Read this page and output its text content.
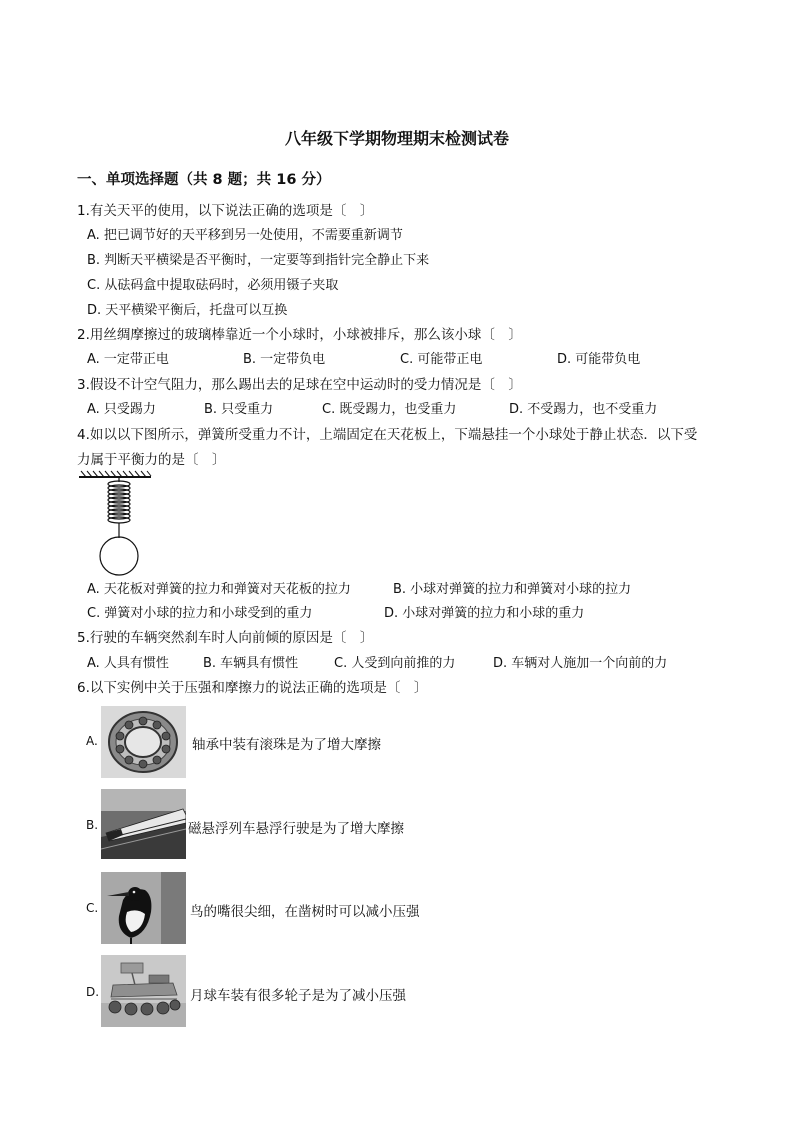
八年级下学期物理期末检测试卷
一、单项选择题（共 8 题；共 16 分）
1.有关天平的使用，以下说法正确的选项是〔　〕
A. 把已调节好的天平移到另一处使用，不需要重新调节
B. 判断天平横梁是否平衡时，一定要等到指针完全静止下来
C. 从砝码盒中提取砝码时，必须用镊子夹取
D. 天平横梁平衡后，托盘可以互换
2.用丝绸摩擦过的玻璃棒靠近一个小球时，小球被排斥，那么该小球〔　〕
A. 一定带正电	B. 一定带负电	C. 可能带正电	D. 可能带负电
3.假设不计空气阻力，那么踢出去的足球在空中运动时的受力情况是〔　〕
A. 只受踢力	B. 只受重力	C. 既受踢力，也受重力	D. 不受踢力，也不受重力
4.如以以下图所示，弹簧所受重力不计，上端固定在天花板上，下端悬挂一个小球处于静止状态．以下受
力属于平衡力的是〔　〕
A. 天花板对弹簧的拉力和弹簧对天花板的拉力	B. 小球对弹簧的拉力和弹簧对小球的拉力
C. 弹簧对小球的拉力和小球受到的重力	D. 小球对弹簧的拉力和小球的重力
5.行驶的车辆突然刹车时人向前倾的原因是〔　〕
A. 人具有惯性	B. 车辆具有惯性	C. 人受到向前推的力	D. 车辆对人施加一个向前的力
6.以下实例中关于压强和摩擦力的说法正确的选项是〔　〕
A.	轴承中装有滚珠是为了增大摩擦
B.	磁悬浮列车悬浮行驶是为了增大摩擦
C.	鸟的嘴很尖细，在凿树时可以减小压强
D.	月球车装有很多轮子是为了减小压强
